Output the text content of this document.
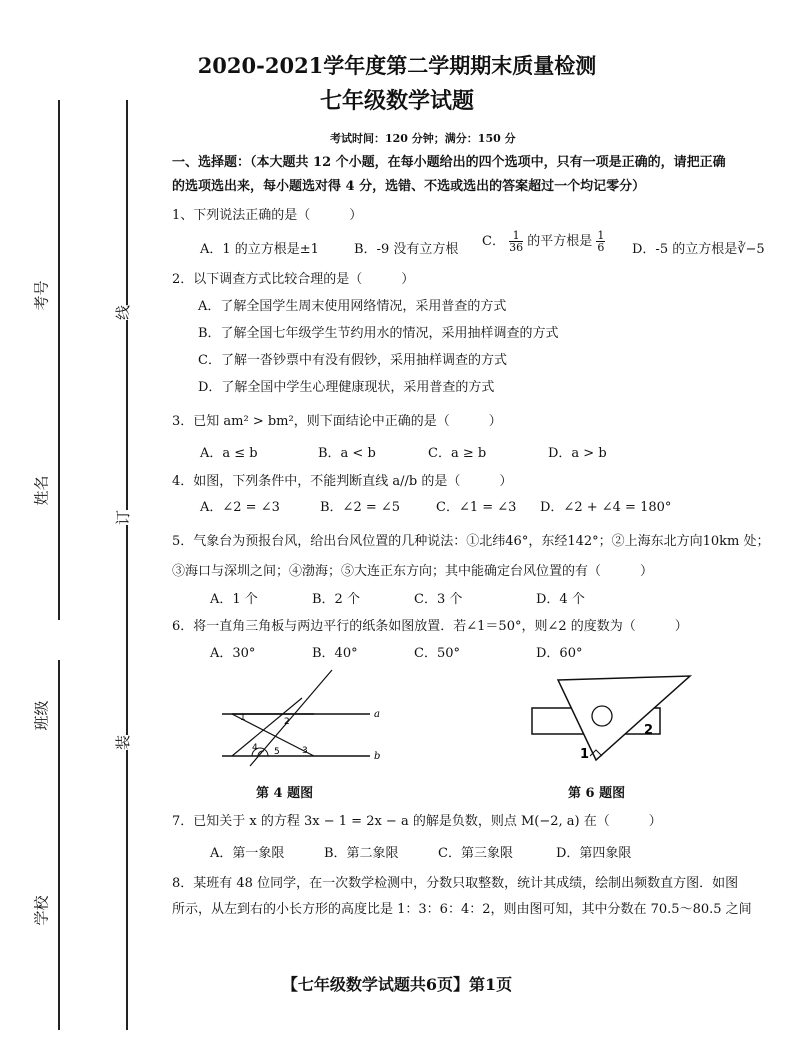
考号
姓名
班级
学校
线
订
装
2020-2021学年度第二学期期末质量检测
七年级数学试题
考试时间：120 分钟；满分：150 分
一、选择题：（本大题共 12 个小题，在每小题给出的四个选项中，只有一项是正确的，请把正确
的选项选出来，每小题选对得 4 分，选错、不选或选出的答案超过一个均记零分）
1、下列说法正确的是（　　　）
A．1 的立方根是±1	B．-9 没有立方根
C． $\frac{1}{36}$ 的平方根是 $\frac{1}{6}$ D．-5 的立方根是∛−5
2．以下调查方式比较合理的是（　　　）
A．了解全国学生周末使用网络情况，采用普查的方式
B．了解全国七年级学生节约用水的情况，采用抽样调查的方式
C．了解一沓钞票中有没有假钞，采用抽样调查的方式
D．了解全国中学生心理健康现状，采用普查的方式
3．已知 am² > bm²，则下面结论中正确的是（　　　）
A．a ≤ b	B．a < b	C．a ≥ b	D．a > b
4．如图，下列条件中，不能判断直线 a//b 的是（　　　）
A．∠2 = ∠3	B．∠2 = ∠5	C．∠1 = ∠3 D．∠2 + ∠4 = 180°
5．气象台为预报台风，给出台风位置的几种说法：①北纬46°，东经142°；②上海东北方向10km 处；
③海口与深圳之间；④渤海；⑤大连正东方向；其中能确定台风位置的有（　　　）
A．1 个	B．2 个	C．3 个	D．4 个
6．将一直角三角板与两边平行的纸条如图放置．若∠1＝50°，则∠2 的度数为（　　　）
A．30°	B．40°	C．50°	D．60°
1	2
3
4 5
a
b
第 4 题图
1
2
第 6 题图
7．已知关于 x 的方程 3x − 1 = 2x − a 的解是负数，则点 M(−2, a) 在（　　　）
A．第一象限	B．第二象限	C．第三象限	D．第四象限
8．某班有 48 位同学，在一次数学检测中，分数只取整数，统计其成绩，绘制出频数直方图．如图
所示，从左到右的小长方形的高度比是 1：3：6：4：2，则由图可知，其中分数在 70.5～80.5 之间
【七年级数学试题共6页】第1页
